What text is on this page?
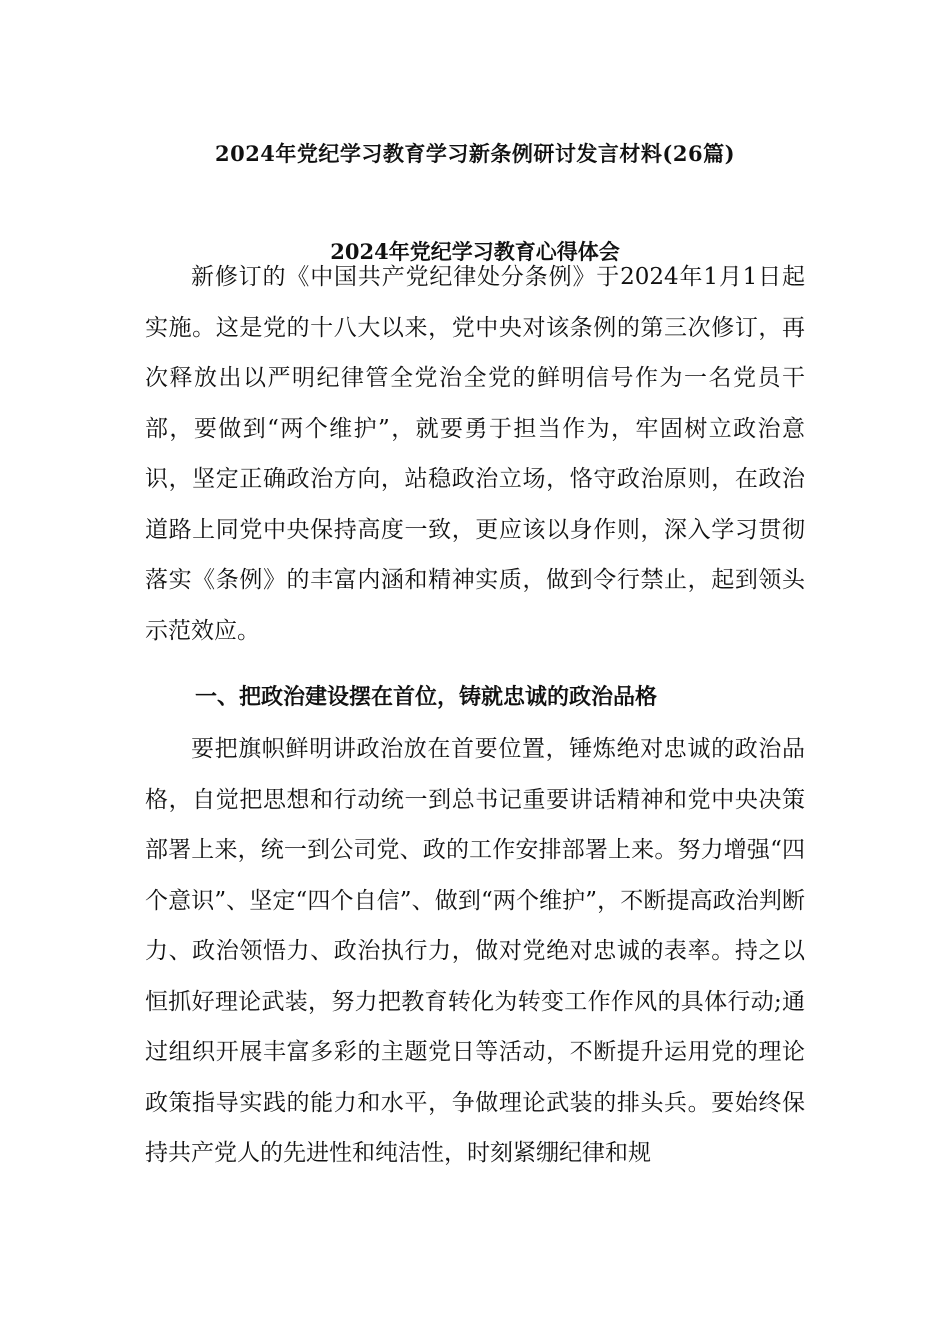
2024年党纪学习教育学习新条例研讨发言材料(26篇)
2024年党纪学习教育心得体会

新修订的《中国共产党纪律处分条例》于2024年1月1日起实施。这是党的十八大以来，党中央对该条例的第三次修订，再次释放出以严明纪律管全党治全党的鲜明信号作为一名党员干部，要做到“两个维护”，就要勇于担当作为，牢固树立政治意识，坚定正确政治方向，站稳政治立场，恪守政治原则，在政治道路上同党中央保持高度一致，更应该以身作则，深入学习贯彻落实《条例》的丰富内涵和精神实质，做到令行禁止，起到领头示范效应。

一、把政治建设摆在首位，铸就忠诚的政治品格

要把旗帜鲜明讲政治放在首要位置，锤炼绝对忠诚的政治品格，自觉把思想和行动统一到总书记重要讲话精神和党中央决策部署上来，统一到公司党、政的工作安排部署上来。努力增强“四个意识”、坚定“四个自信”、做到“两个维护”，不断提高政治判断力、政治领悟力、政治执行力，做对党绝对忠诚的表率。持之以恒抓好理论武装，努力把教育转化为转变工作作风的具体行动;通过组织开展丰富多彩的主题党日等活动，不断提升运用党的理论政策指导实践的能力和水平，争做理论武装的排头兵。要始终保持共产党人的先进性和纯洁性，时刻紧绷纪律和规
